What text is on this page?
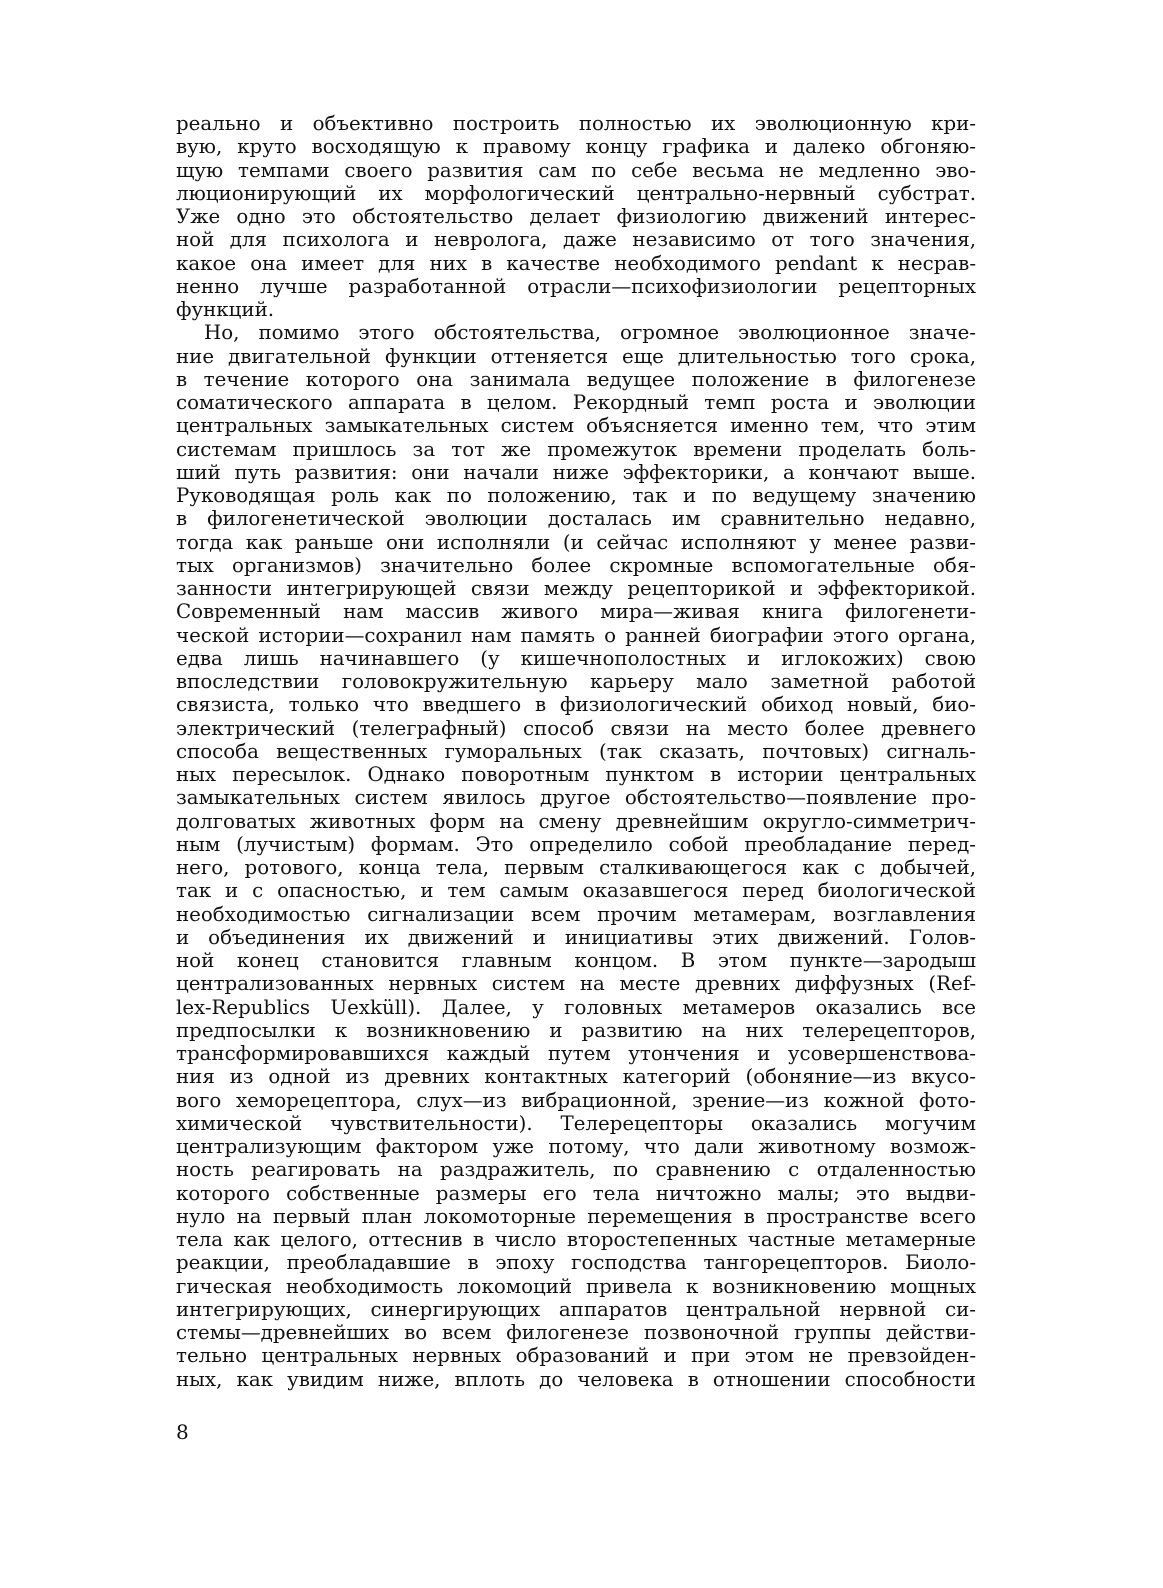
реально и объективно построить полностью их эволюционную кри-
вую, круто восходящую к правому концу графика и далеко обгоняю-
щую темпами своего развития сам по себе весьма не медленно эво-
люционирующий их морфологический центрально-нервный субстрат.
Уже одно это обстоятельство делает физиологию движений интерес-
ной для психолога и невролога, даже независимо от того значения,
какое она имеет для них в качестве необходимого pendant к несрав-
ненно лучше разработанной отрасли—психофизиологии рецепторных
функций.
Но, помимо этого обстоятельства, огромное эволюционное значе-
ние двигательной функции оттеняется еще длительностью того срока,
в течение которого она занимала ведущее положение в филогенезе
соматического аппарата в целом. Рекордный темп роста и эволюции
центральных замыкательных систем объясняется именно тем, что этим
системам пришлось за тот же промежуток времени проделать боль-
ший путь развития: они начали ниже эффекторики, а кончают выше.
Руководящая роль как по положению, так и по ведущему значению
в филогенетической эволюции досталась им сравнительно недавно,
тогда как раньше они исполняли (и сейчас исполняют у менее разви-
тых организмов) значительно более скромные вспомогательные обя-
занности интегрирующей связи между рецепторикой и эффекторикой.
Современный нам массив живого мира—живая книга филогенети-
ческой истории—сохранил нам память о ранней биографии этого органа,
едва лишь начинавшего (у кишечнополостных и иглокожих) свою
впоследствии головокружительную карьеру мало заметной работой
связиста, только что введшего в физиологический обиход новый, био-
электрический (телеграфный) способ связи на место более древнего
способа вещественных гуморальных (так сказать, почтовых) сигналь-
ных пересылок. Однако поворотным пунктом в истории центральных
замыкательных систем явилось другое обстоятельство—появление про-
долговатых животных форм на смену древнейшим округло-симметрич-
ным (лучистым) формам. Это определило собой преобладание перед-
него, ротового, конца тела, первым сталкивающегося как с добычей,
так и с опасностью, и тем самым оказавшегося перед биологической
необходимостью сигнализации всем прочим метамерам, возглавления
и объединения их движений и инициативы этих движений. Голов-
ной конец становится главным концом. В этом пункте—зародыш
централизованных нервных систем на месте древних диффузных (Ref-
lex-Republics Uexküll). Далее, у головных метамеров оказались все
предпосылки к возникновению и развитию на них телерецепторов,
трансформировавшихся каждый путем утончения и усовершенствова-
ния из одной из древних контактных категорий (обоняние—из вкусо-
вого хеморецептора, слух—из вибрационной, зрение—из кожной фото-
химической чувствительности). Телерецепторы оказались могучим
централизующим фактором уже потому, что дали животному возмож-
ность реагировать на раздражитель, по сравнению с отдаленностью
которого собственные размеры его тела ничтожно малы; это выдви-
нуло на первый план локомоторные перемещения в пространстве всего
тела как целого, оттеснив в число второстепенных частные метамерные
реакции, преобладавшие в эпоху господства тангорецепторов. Биоло-
гическая необходимость локомоций привела к возникновению мощных
интегрирующих, синергирующих аппаратов центральной нервной си-
стемы—древнейших во всем филогенезе позвоночной группы действи-
тельно центральных нервных образований и при этом не превзойден-
ных, как увидим ниже, вплоть до человека в отношении способности
8
